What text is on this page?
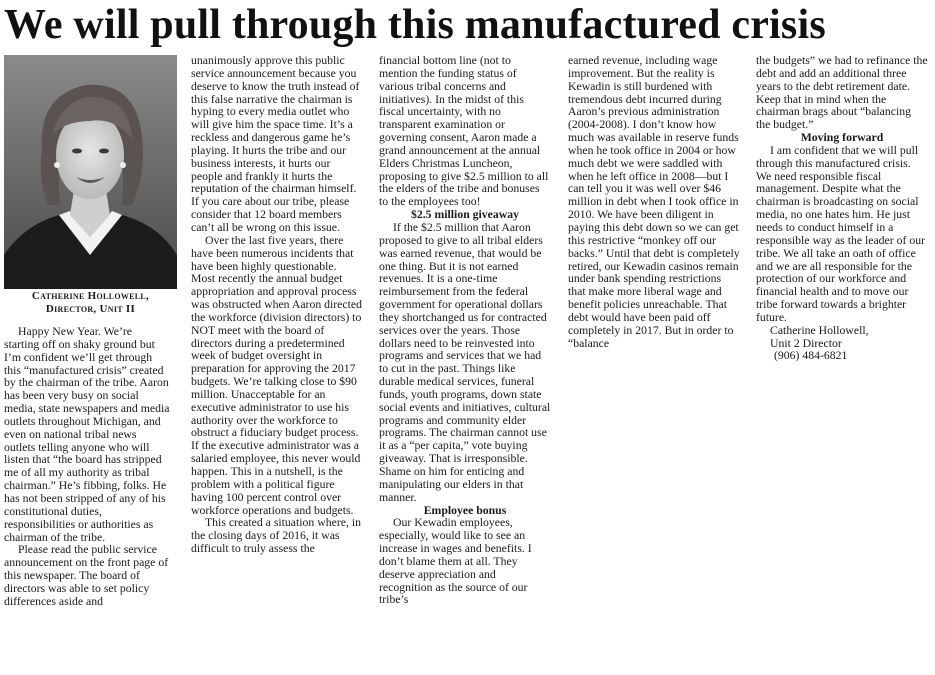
We will pull through this manufactured crisis
Catherine Hollowell,
Director, Unit II

Happy New Year. We’re starting off on shaky ground but I’m confident we’ll get through this “manufactured crisis” created by the chairman of the tribe. Aaron has been very busy on social media, state newspapers and media outlets throughout Michigan, and even on national tribal news outlets telling anyone who will listen that “the board has stripped me of all my authority as tribal chairman.” He’s fibbing, folks. He has not been stripped of any of his constitutional duties, responsibilities or authorities as chairman of the tribe.

Please read the public service announcement on the front page of this newspaper. The board of directors was able to set policy differences aside and

unanimously approve this public service announcement because you deserve to know the truth instead of this false narrative the chairman is hyping to every media outlet who will give him the space time. It’s a reckless and dangerous game he’s playing. It hurts the tribe and our business interests, it hurts our people and frankly it hurts the reputation of the chairman himself. If you care about our tribe, please consider that 12 board members can’t all be wrong on this issue.

Over the last five years, there have been numerous incidents that have been highly questionable. Most recently the annual budget appropriation and approval process was obstructed when Aaron directed the workforce (division directors) to NOT meet with the board of directors during a predetermined week of budget oversight in preparation for approving the 2017 budgets. We’re talking close to $90 million. Unacceptable for an executive administrator to use his authority over the workforce to obstruct a fiduciary budget process. If the executive administrator was a salaried employee, this never would happen. This in a nutshell, is the problem with a political figure having 100 percent control over workforce operations and budgets.

This created a situation where, in the closing days of 2016, it was difficult to truly assess the

financial bottom line (not to mention the funding status of various tribal concerns and initiatives). In the midst of this fiscal uncertainty, with no transparent examination or governing consent, Aaron made a grand announcement at the annual Elders Christmas Luncheon, proposing to give $2.5 million to all the elders of the tribe and bonuses to the employees too!

$2.5 million giveaway

If the $2.5 million that Aaron proposed to give to all tribal elders was earned revenue, that would be one thing. But it is not earned revenues. It is a one-time reimbursement from the federal government for operational dollars they shortchanged us for contracted services over the years. Those dollars need to be reinvested into programs and services that we had to cut in the past. Things like durable medical services, funeral funds, youth programs, down state social events and initiatives, cultural programs and community elder programs. The chairman cannot use it as a “per capita,” vote buying giveaway. That is irresponsible. Shame on him for enticing and manipulating our elders in that manner.

Employee bonus

Our Kewadin employees, especially, would like to see an increase in wages and benefits. I don’t blame them at all. They deserve appreciation and recognition as the source of our tribe’s

earned revenue, including wage improvement. But the reality is Kewadin is still burdened with tremendous debt incurred during Aaron’s previous administration (2004-2008). I don’t know how much was available in reserve funds when he took office in 2004 or how much debt we were saddled with when he left office in 2008—but I can tell you it was well over $46 million in debt when I took office in 2010. We have been diligent in paying this debt down so we can get this restrictive “monkey off our backs.” Until that debt is completely retired, our Kewadin casinos remain under bank spending restrictions that make more liberal wage and benefit policies unreachable. That debt would have been paid off completely in 2017. But in order to “balance

the budgets” we had to refinance the debt and add an additional three years to the debt retirement date. Keep that in mind when the chairman brags about “balancing the budget.”

Moving forward

I am confident that we will pull through this manufactured crisis. We need responsible fiscal management. Despite what the chairman is broadcasting on social media, no one hates him. He just needs to conduct himself in a responsible way as the leader of our tribe. We all take an oath of office and we are all responsible for the protection of our workforce and financial health and to move our tribe forward towards a brighter future.

Catherine Hollowell,

Unit 2 Director

(906) 484-6821
